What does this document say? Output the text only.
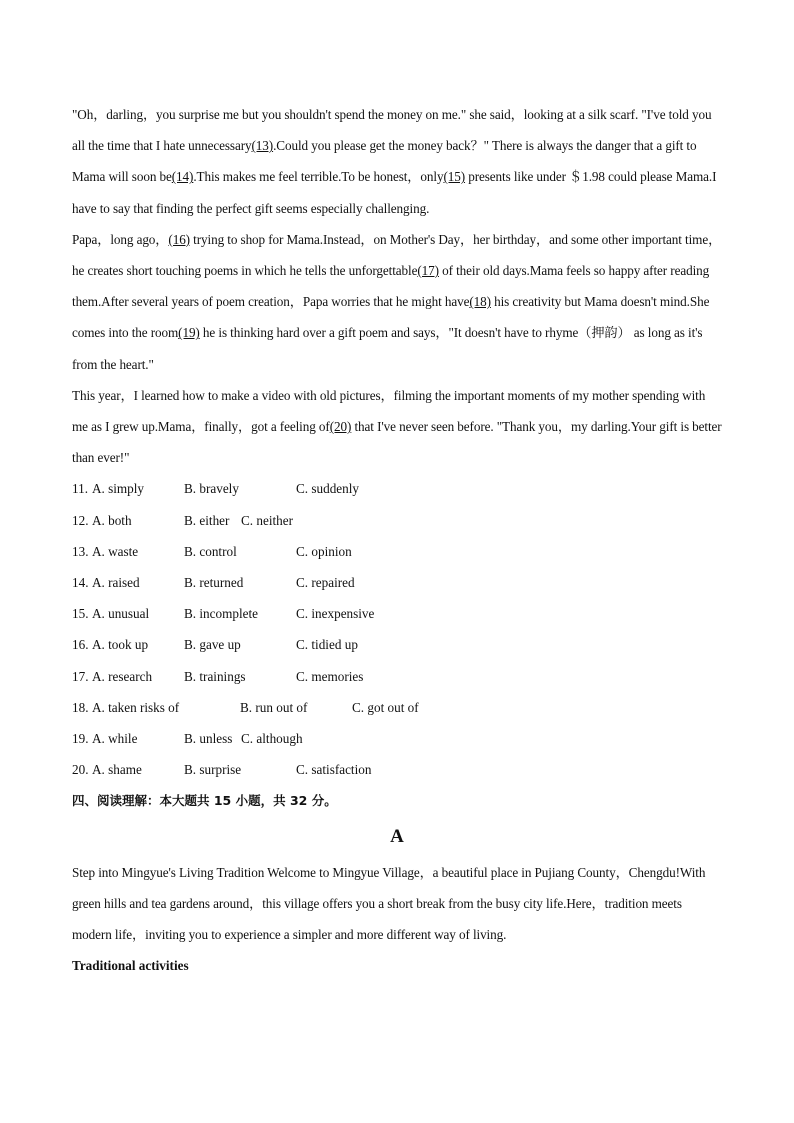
"Oh，darling，you surprise me but you shouldn't spend the money on me." she said，looking at a silk scarf. "I've told you all the time that I hate unnecessary(13).Could you please get the money back？" There is always the danger that a gift to Mama will soon be(14).This makes me feel terrible.To be honest，only(15) presents like under ＄1.98 could please Mama.I have to say that finding the perfect gift seems especially challenging.

Papa，long ago，(16) trying to shop for Mama.Instead，on Mother's Day，her birthday，and some other important time，he creates short touching poems in which he tells the unforgettable(17) of their old days.Mama feels so happy after reading them.After several years of poem creation，Papa worries that he might have(18) his creativity but Mama doesn't mind.She comes into the room(19) he is thinking hard over a gift poem and says，"It doesn't have to rhyme（押韵） as long as it's from the heart."

This year，I learned how to make a video with old pictures，filming the important moments of my mother spending with me as I grew up.Mama，finally，got a feeling of(20) that I've never seen before. "Thank you，my darling.Your gift is better than ever!"

11. A. simply	B. bravely	C. suddenly
12. A. both	B. either C. neither
13. A. waste	B. control	C. opinion
14. A. raised	B. returned	C. repaired
15. A. unusual	B. incomplete	C. inexpensive
16. A. took up	B. gave up	C. tidied up
17. A. research B. trainings	C. memories
18. A. taken risks of	B. run out of	C. got out of
19. A. while	B. unless C. although
20. A. shame	B. surprise	C. satisfaction

四、阅读理解：本大题共 15 小题，共 32 分。

A

Step into Mingyue's Living Tradition Welcome to Mingyue Village，a beautiful place in Pujiang County，Chengdu!With green hills and tea gardens around，this village offers you a short break from the busy city life.Here，tradition meets modern life，inviting you to experience a simpler and more different way of living.

Traditional activities
